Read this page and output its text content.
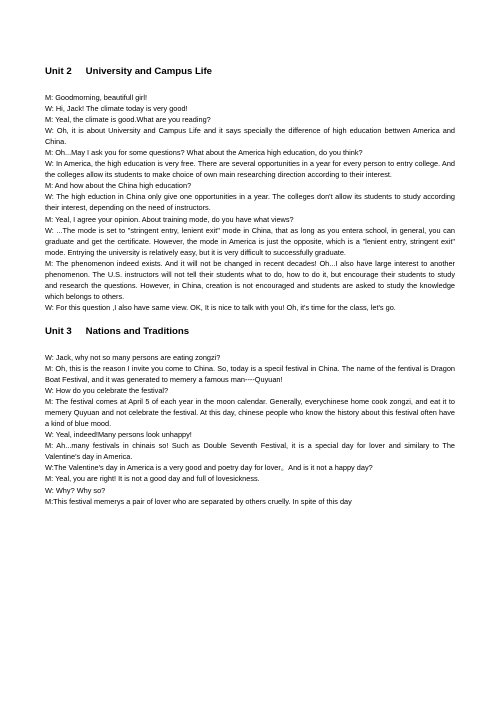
Unit 2 University and Campus Life

M: Goodmorning, beautifull girl!

W: Hi, Jack! The climate today is very good!

M: Yeal, the climate is good.What are you reading?

W: Oh, it is about University and Campus Life and it says specially the difference of high education bettwen America and China.

M: Oh...May I ask you for some questions? What about the America high education, do you think?

W: In America, the high education is very free. There are several opportunities in a year for every person to entry college. And the colleges allow its students to make choice of own main researching direction according to their interest.

M: And how about the China high education?

W: The high eduction in China only give one opportunities in a year. The colleges don't allow its students to study according their interest, depending on the need of instructors.

M: Yeal, I agree your opinion. About training mode, do you have what views?

W: ...The mode is set to "stringent entry, lenient exit" mode in China, that as long as you entera school, in general, you can graduate and get the certificate. However, the mode in America is just the opposite, which is a "lenient entry, stringent exit" mode. Entrying the university is relatively easy, but it is very difficult to successfully graduate.

M: The phenomenon indeed exists. And it will not be changed in recent decades! Oh...I also have large interest to another phenomenon. The U.S. instructors will not tell their students what to do, how to do it, but encourage their students to study and research the questions. However, in China, creation is not encouraged and students are asked to study the knowledge which belongs to others.

W: For this question ,I also have same view. OK, It is nice to talk with you! Oh, it's time for the class, let's go.

Unit 3 Nations and Traditions

W: Jack, why not so many persons are eating zongzi?

M: Oh, this is the reason I invite you come to China. So, today is a specil festival in China. The name of the fentival is Dragon Boat Festival, and it was generated to memery a famous man----Quyuan!

W: How do you celebrate the festival?

M: The festival comes at April 5 of each year in the moon calendar. Generally, everychinese home cook zongzi, and eat it to memery Quyuan and not celebrate the festival. At this day, chinese people who know the history about this festival often have a kind of blue mood.

W: Yeal, indeed!Many persons look unhappy!

M: Ah...many festivals in chinais so! Such as Double Seventh Festival, it is a special day for lover and similary to The Valentine's day in America.

W:The Valentine's day in America is a very good and poetry day for lover。And is it not a happy day?

M: Yeal, you are right! It is not a good day and full of lovesickness.

W: Why? Why so?

M:This festival memerys a pair of lover who are separated by others cruelly. In spite of this day
